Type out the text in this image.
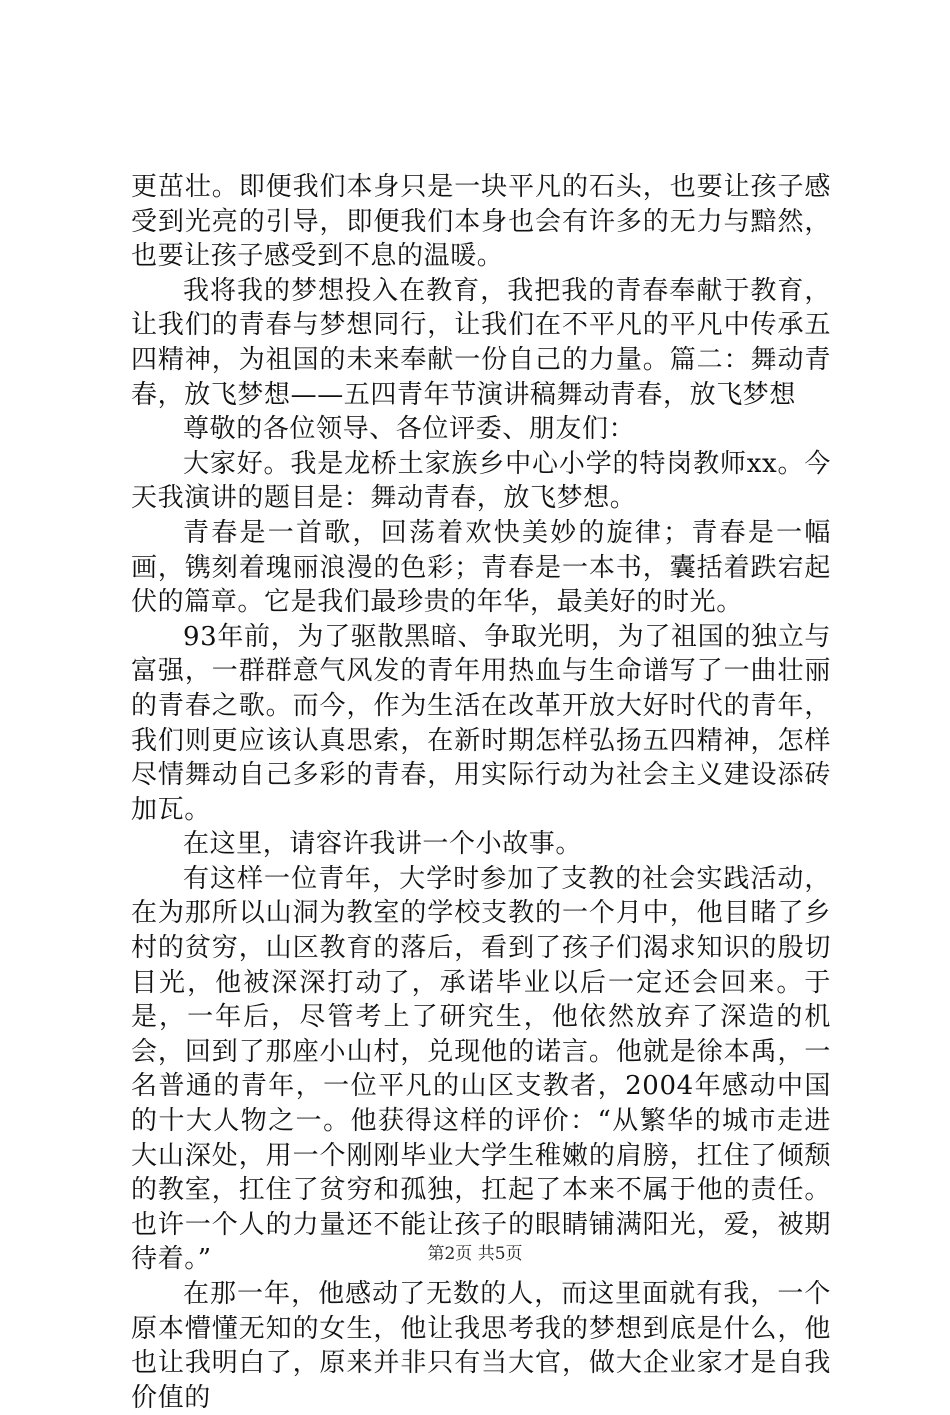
更茁壮。即便我们本身只是一块平凡的石头，也要让孩子感受到光亮的引导，即便我们本身也会有许多的无力与黯然，也要让孩子感受到不息的温暖。

我将我的梦想投入在教育，我把我的青春奉献于教育，让我们的青春与梦想同行，让我们在不平凡的平凡中传承五四精神，为祖国的未来奉献一份自己的力量。篇二：舞动青春，放飞梦想——五四青年节演讲稿舞动青春，放飞梦想

尊敬的各位领导、各位评委、朋友们：

大家好。我是龙桥土家族乡中心小学的特岗教师xx。今天我演讲的题目是：舞动青春，放飞梦想。

青春是一首歌，回荡着欢快美妙的旋律；青春是一幅画，镌刻着瑰丽浪漫的色彩；青春是一本书，囊括着跌宕起伏的篇章。它是我们最珍贵的年华，最美好的时光。

93年前，为了驱散黑暗、争取光明，为了祖国的独立与富强，一群群意气风发的青年用热血与生命谱写了一曲壮丽的青春之歌。而今，作为生活在改革开放大好时代的青年，我们则更应该认真思索，在新时期怎样弘扬五四精神，怎样尽情舞动自己多彩的青春，用实际行动为社会主义建设添砖加瓦。

在这里，请容许我讲一个小故事。

有这样一位青年，大学时参加了支教的社会实践活动，在为那所以山洞为教室的学校支教的一个月中，他目睹了乡村的贫穷，山区教育的落后，看到了孩子们渴求知识的殷切目光，他被深深打动了，承诺毕业以后一定还会回来。于是，一年后，尽管考上了研究生，他依然放弃了深造的机会，回到了那座小山村，兑现他的诺言。他就是徐本禹，一名普通的青年，一位平凡的山区支教者，2004年感动中国的十大人物之一。他获得这样的评价：“从繁华的城市走进大山深处，用一个刚刚毕业大学生稚嫩的肩膀，扛住了倾颓的教室，扛住了贫穷和孤独，扛起了本来不属于他的责任。也许一个人的力量还不能让孩子的眼睛铺满阳光，爱，被期待着。”

在那一年，他感动了无数的人，而这里面就有我，一个原本懵懂无知的女生，他让我思考我的梦想到底是什么，他也让我明白了，原来并非只有当大官，做大企业家才是自我价值的

第2页 共5页
